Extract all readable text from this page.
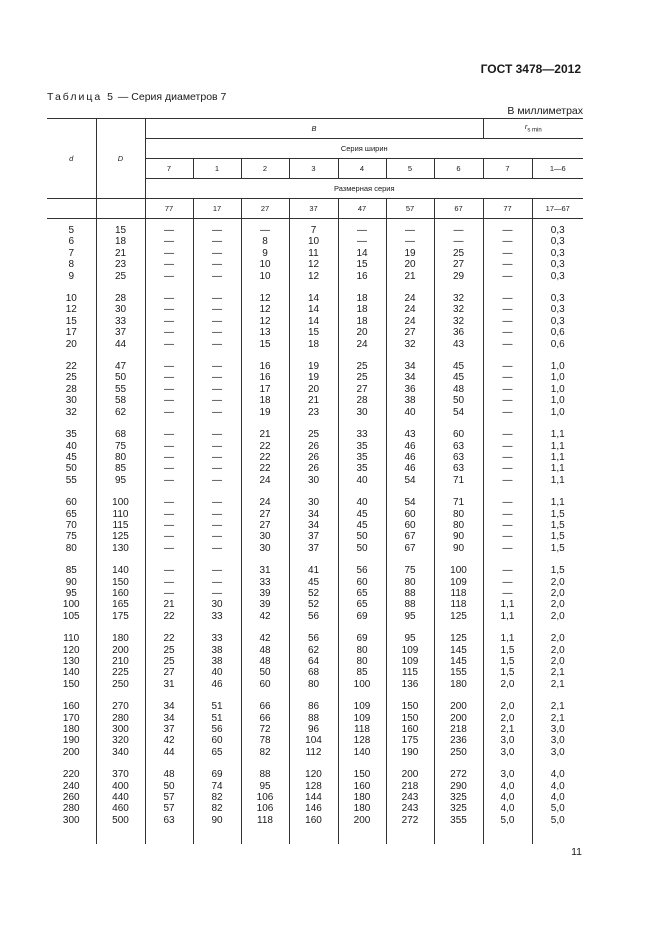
ГОСТ 3478—2012
Таблица 5 — Серия диаметров 7
В миллиметрах
d	D	B							$r_{s min}$
		Серия ширин								
		7	1	2	3	4	5	6	7	1—6
		Размерная серия								
		77	17	27	37	47	57	67	77	17—67

5	15	—	—	—	7	—	—	—	—	0,3
6	18	—	—	8	10	—	—	—	—	0,3
7	21	—	—	9	11	14	19	25	—	0,3
8	23	—	—	10	12	15	20	27	—	0,3
9	25	—	—	10	12	16	21	29	—	0,3

10	28	—	—	12	14	18	24	32	—	0,3
12	30	—	—	12	14	18	24	32	—	0,3
15	33	—	—	12	14	18	24	32	—	0,3
17	37	—	—	13	15	20	27	36	—	0,6
20	44	—	—	15	18	24	32	43	—	0,6

22	47	—	—	16	19	25	34	45	—	1,0
25	50	—	—	16	19	25	34	45	—	1,0
28	55	—	—	17	20	27	36	48	—	1,0
30	58	—	—	18	21	28	38	50	—	1,0
32	62	—	—	19	23	30	40	54	—	1,0

35	68	—	—	21	25	33	43	60	—	1,1
40	75	—	—	22	26	35	46	63	—	1,1
45	80	—	—	22	26	35	46	63	—	1,1
50	85	—	—	22	26	35	46	63	—	1,1
55	95	—	—	24	30	40	54	71	—	1,1

60	100	—	—	24	30	40	54	71	—	1,1
65	110	—	—	27	34	45	60	80	—	1,5
70	115	—	—	27	34	45	60	80	—	1,5
75	125	—	—	30	37	50	67	90	—	1,5
80	130	—	—	30	37	50	67	90	—	1,5

85	140	—	—	31	41	56	75	100	—	1,5
90	150	—	—	33	45	60	80	109	—	2,0
95	160	—	—	39	52	65	88	118	—	2,0
100	165	21	30	39	52	65	88	118	1,1	2,0
105	175	22	33	42	56	69	95	125	1,1	2,0

110	180	22	33	42	56	69	95	125	1,1	2,0
120	200	25	38	48	62	80	109	145	1,5	2,0
130	210	25	38	48	64	80	109	145	1,5	2,0
140	225	27	40	50	68	85	115	155	1,5	2,1
150	250	31	46	60	80	100	136	180	2,0	2,1

160	270	34	51	66	86	109	150	200	2,0	2,1
170	280	34	51	66	88	109	150	200	2,0	2,1
180	300	37	56	72	96	118	160	218	2,1	3,0
190	320	42	60	78	104	128	175	236	3,0	3,0
200	340	44	65	82	112	140	190	250	3,0	3,0

220	370	48	69	88	120	150	200	272	3,0	4,0
240	400	50	74	95	128	160	218	290	4,0	4,0
260	440	57	82	106	144	180	243	325	4,0	4,0
280	460	57	82	106	146	180	243	325	4,0	5,0
300	500	63	90	118	160	200	272	355	5,0	5,0

11
